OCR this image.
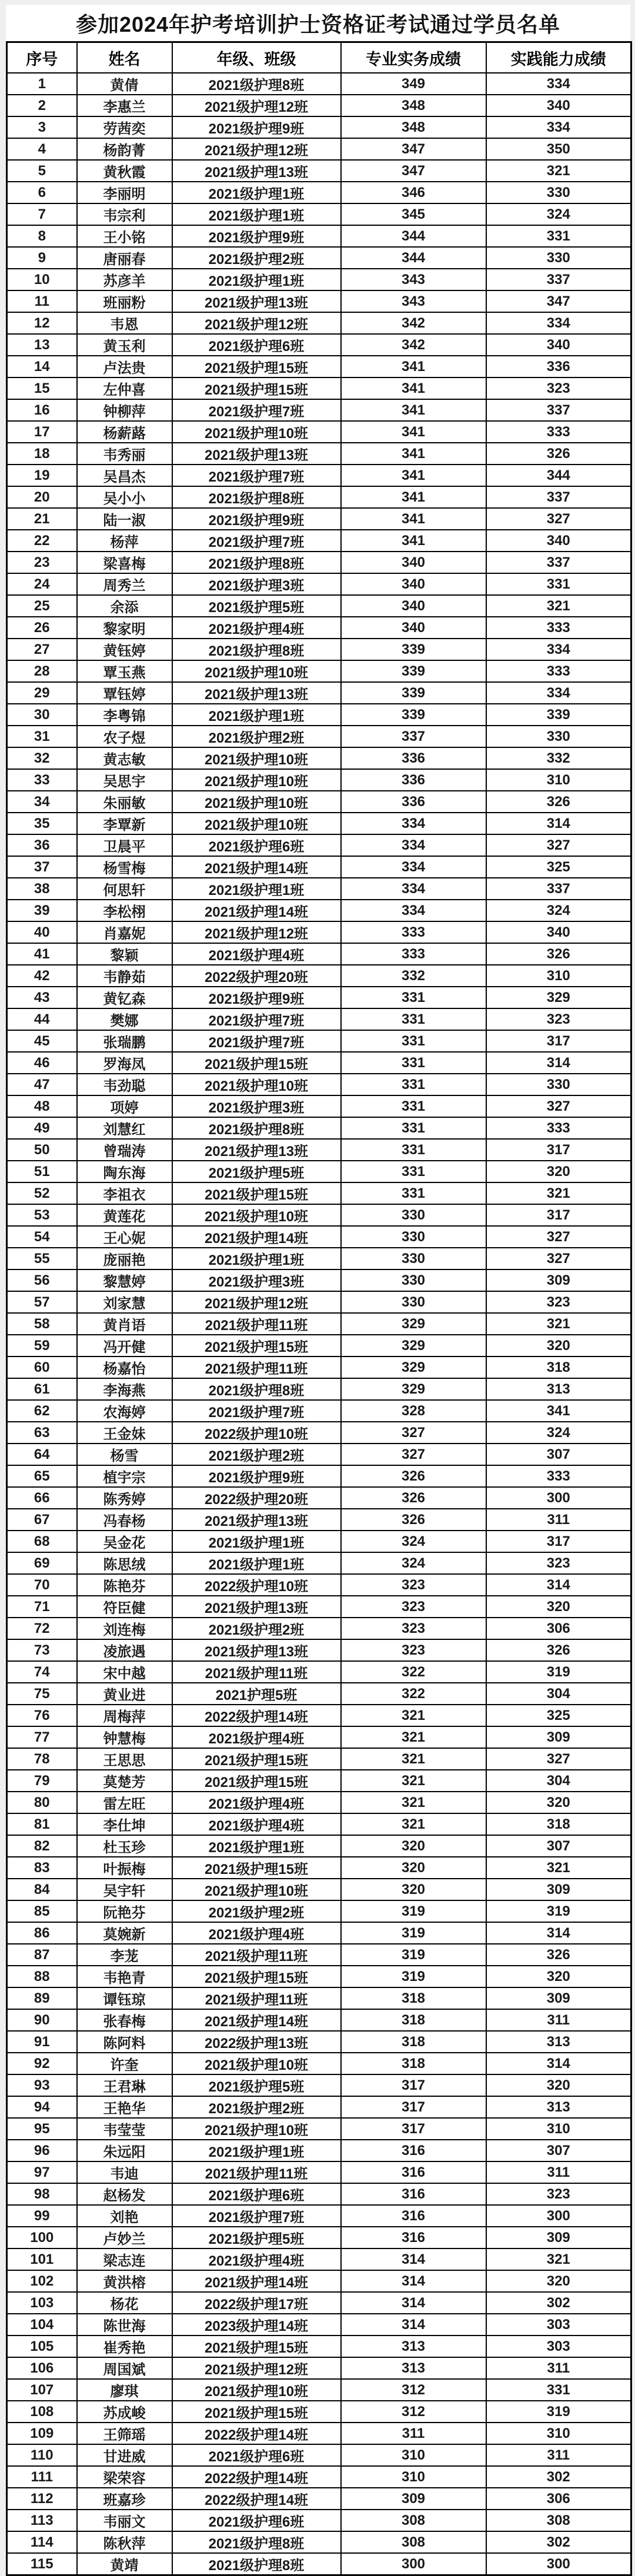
参加2024年护考培训护士资格证考试通过学员名单
序号	姓名	年级、班级	专业实务成绩	实践能力成绩
1	黄倩	2021级护理8班	349	334
2	李惠兰	2021级护理12班	348	340
3	劳茜奕	2021级护理9班	348	334
4	杨韵菁	2021级护理12班	347	350
5	黄秋霞	2021级护理13班	347	321
6	李丽明	2021级护理1班	346	330
7	韦宗利	2021级护理1班	345	324
8	王小铭	2021级护理9班	344	331
9	唐丽春	2021级护理2班	344	330
10	苏彦羊	2021级护理1班	343	337
11	班丽粉	2021级护理13班	343	347
12	韦恩	2021级护理12班	342	334
13	黄玉利	2021级护理6班	342	340
14	卢法贵	2021级护理15班	341	336
15	左仲喜	2021级护理15班	341	323
16	钟柳萍	2021级护理7班	341	337
17	杨薪蕗	2021级护理10班	341	333
18	韦秀丽	2021级护理13班	341	326
19	吴昌杰	2021级护理7班	341	344
20	吴小小	2021级护理8班	341	337
21	陆一淑	2021级护理9班	341	327
22	杨萍	2021级护理7班	341	340
23	梁喜梅	2021级护理8班	340	337
24	周秀兰	2021级护理3班	340	331
25	余添	2021级护理5班	340	321
26	黎家明	2021级护理4班	340	333
27	黄钰婷	2021级护理8班	339	334
28	覃玉燕	2021级护理10班	339	333
29	覃钰婷	2021级护理13班	339	334
30	李粤锦	2021级护理1班	339	339
31	农子煜	2021级护理2班	337	330
32	黄志敏	2021级护理10班	336	332
33	吴思宇	2021级护理10班	336	310
34	朱丽敏	2021级护理10班	336	326
35	李覃新	2021级护理10班	334	314
36	卫晨平	2021级护理6班	334	327
37	杨雪梅	2021级护理14班	334	325
38	何思轩	2021级护理1班	334	337
39	李松栩	2021级护理14班	334	324
40	肖嘉妮	2021级护理12班	333	340
41	黎颖	2021级护理4班	333	326
42	韦静茹	2022级护理20班	332	310
43	黄钇森	2021级护理9班	331	329
44	樊娜	2021级护理7班	331	323
45	张瑞鹏	2021级护理7班	331	317
46	罗海凤	2021级护理15班	331	314
47	韦劲聪	2021级护理10班	331	330
48	项婷	2021级护理3班	331	327
49	刘慧红	2021级护理8班	331	333
50	曾瑞涛	2021级护理13班	331	317
51	陶东海	2021级护理5班	331	320
52	李祖衣	2021级护理15班	331	321
53	黄莲花	2021级护理10班	330	317
54	王心妮	2021级护理14班	330	327
55	庞丽艳	2021级护理1班	330	327
56	黎慧婷	2021级护理3班	330	309
57	刘家慧	2021级护理12班	330	323
58	黄肖语	2021级护理11班	329	321
59	冯开健	2021级护理15班	329	320
60	杨嘉怡	2021级护理11班	329	318
61	李海燕	2021级护理8班	329	313
62	农海婷	2021级护理7班	328	341
63	王金妹	2022级护理10班	327	324
64	杨雪	2021级护理2班	327	307
65	植宇宗	2021级护理9班	326	333
66	陈秀婷	2022级护理20班	326	300
67	冯春杨	2021级护理13班	326	311
68	吴金花	2021级护理1班	324	317
69	陈思绒	2021级护理1班	324	323
70	陈艳芬	2022级护理10班	323	314
71	符臣健	2021级护理13班	323	320
72	刘连梅	2021级护理2班	323	306
73	凌旅遇	2021级护理13班	323	326
74	宋中越	2021级护理11班	322	319
75	黄业进	2021护理5班	322	304
76	周梅萍	2022级护理14班	321	325
77	钟慧梅	2021级护理4班	321	309
78	王思思	2021级护理15班	321	327
79	莫楚芳	2021级护理15班	321	304
80	雷左旺	2021级护理4班	321	320
81	李仕坤	2021级护理4班	321	318
82	杜玉珍	2021级护理1班	320	307
83	叶振梅	2021级护理15班	320	321
84	吴宇轩	2021级护理10班	320	309
85	阮艳芬	2021级护理2班	319	319
86	莫婉新	2021级护理4班	319	314
87	李茏	2021级护理11班	319	326
88	韦艳青	2021级护理15班	319	320
89	谭钰琼	2021级护理11班	318	309
90	张春梅	2021级护理14班	318	311
91	陈阿料	2022级护理13班	318	313
92	许奎	2021级护理10班	318	314
93	王君琳	2021级护理5班	317	320
94	王艳华	2021级护理2班	317	313
95	韦莹莹	2021级护理10班	317	310
96	朱远阳	2021级护理1班	316	307
97	韦迪	2021级护理11班	316	311
98	赵杨发	2021级护理6班	316	323
99	刘艳	2021级护理7班	316	300
100	卢妙兰	2021级护理5班	316	309
101	梁志连	2021级护理4班	314	321
102	黄洪榕	2021级护理14班	314	320
103	杨花	2022级护理17班	314	302
104	陈世海	2023级护理14班	314	303
105	崔秀艳	2021级护理15班	313	303
106	周国斌	2021级护理12班	313	311
107	廖琪	2021级护理10班	312	331
108	苏成峻	2021级护理15班	312	319
109	王筛瑶	2022级护理14班	311	310
110	甘进威	2021级护理6班	310	311
111	梁荣容	2022级护理14班	310	302
112	班嘉珍	2022级护理14班	309	306
113	韦丽文	2021级护理6班	308	308
114	陈秋萍	2021级护理8班	308	302
115	黄靖	2021级护理8班	300	300
